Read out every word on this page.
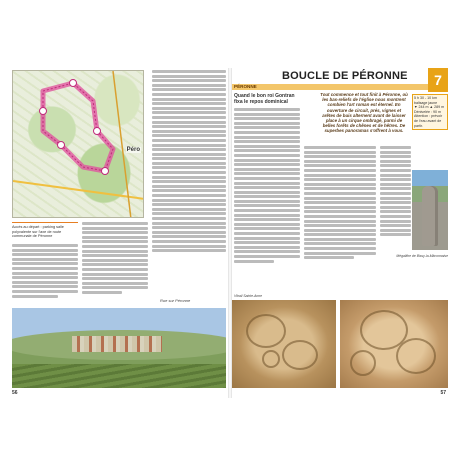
Péro
Accès au départ : parking salle polyvalente sur l'axe de route communale de Péronne
Rue sur Péronne
56
BOUCLE DE PÉRONNE	7
PÉRONNE
Quand le bon roi Gontran fixa le repos dominical
Tout commence et tout finit à Péronne, où les bas-reliefs de l'église nous montrent combien l'art roman est éternel. En ouverture de circuit, prés, vignes et arêtes de buis alternent avant de laisser place à un cirque ombragé, parmi de belles forêts de chênes et de hêtres. De superbes panoramas s'offrent à vous.
5 h 30 - 10 km
balisage jaune
▼ 244 m ▲ 289 m
Dénivelée : 90 m
Attention : prévoir de l'eau avant de partir.
Mégalithe de Bissy-la-Mâconnaise
Vitrail Sainte-Anne
57
